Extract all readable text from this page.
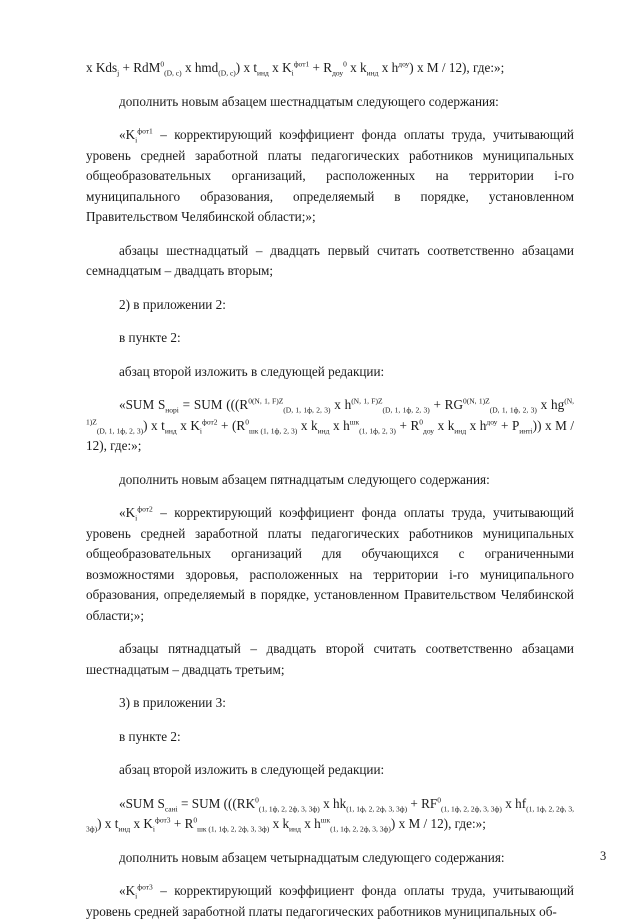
x Kds$_j$ + RdM$^0_{(D, c)}$ x hmd$_{(D, c)}$) x $t_{инд}$ x $K_i^{фот1} + R_{доу}^0$ x $k_{инд}$ x $h^{доу}$) x M / 12), где:»;

дополнить новым абзацем шестнадцатым следующего содержания:

«$K_i^{фот1}$ – корректирующий коэффициент фонда оплаты труда, учитывающий уровень средней заработной платы педагогических работников муниципальных общеобразовательных организаций, расположенных на территории i-го муниципального образования, определяемый в порядке, установленном Правительством Челябинской области;»;

абзацы шестнадцатый – двадцать первый считать соответственно абзацами семнадцатым – двадцать вторым;

2) в приложении 2:

в пункте 2:

абзац второй изложить в следующей редакции:

«SUM $S_{норi}$ = SUM ((($R^{0(N, 1, F)Z}_{(D, 1, 1ф, 2, 3)}$ x $h^{(N, 1, F)Z}_{(D, 1, 1ф, 2, 3)} + RG^{0(N, 1)Z}_{(D, 1, 1ф, 2, 3)}$ x $hg^{(N, 1)Z}_{(D, 1, 1ф, 2, 3)}$) x $t_{инд}$ x $K_i^{фот2} + (R^0_{шк (1, 1ф, 2, 3)}$ x $k_{инд}$ x $h^{шк}_{(1, 1ф, 2, 3)} + R^0_{доу}$ x $k_{инд}$ x $h^{доу} + P_{интi}$)) x M / 12), где:»;

дополнить новым абзацем пятнадцатым следующего содержания:

«$K_i^{фот2}$ – корректирующий коэффициент фонда оплаты труда, учитывающий уровень средней заработной платы педагогических работников муниципальных общеобразовательных организаций для обучающихся с ограниченными возможностями здоровья, расположенных на территории i-го муниципального образования, определяемый в порядке, установленном Правительством Челябинской области;»;

абзацы пятнадцатый – двадцать второй считать соответственно абзацами шестнадцатым – двадцать третьим;

3) в приложении 3:

в пункте 2:

абзац второй изложить в следующей редакции:

«SUM $S_{санi}$ = SUM ((($RK^0_{(1, 1ф, 2, 2ф, 3, 3ф)}$ x $hk_{(1, 1ф, 2, 2ф, 3, 3ф)} + RF^0_{(1, 1ф, 2, 2ф, 3, 3ф)}$ x $hf_{(1, 1ф, 2, 2ф, 3, 3ф)}$) x $t_{инд}$ x $K_i^{фот3} + R^0_{шк (1, 1ф, 2, 2ф, 3, 3ф)}$ x $k_{инд}$ x $h^{шк}_{(1, 1ф, 2, 2ф, 3, 3ф)}$) x M / 12), где:»;

дополнить новым абзацем четырнадцатым следующего содержания:

«$K_i^{фот3}$ – корректирующий коэффициент фонда оплаты труда, учитывающий уровень средней заработной платы педагогических работников муниципальных об-

3
